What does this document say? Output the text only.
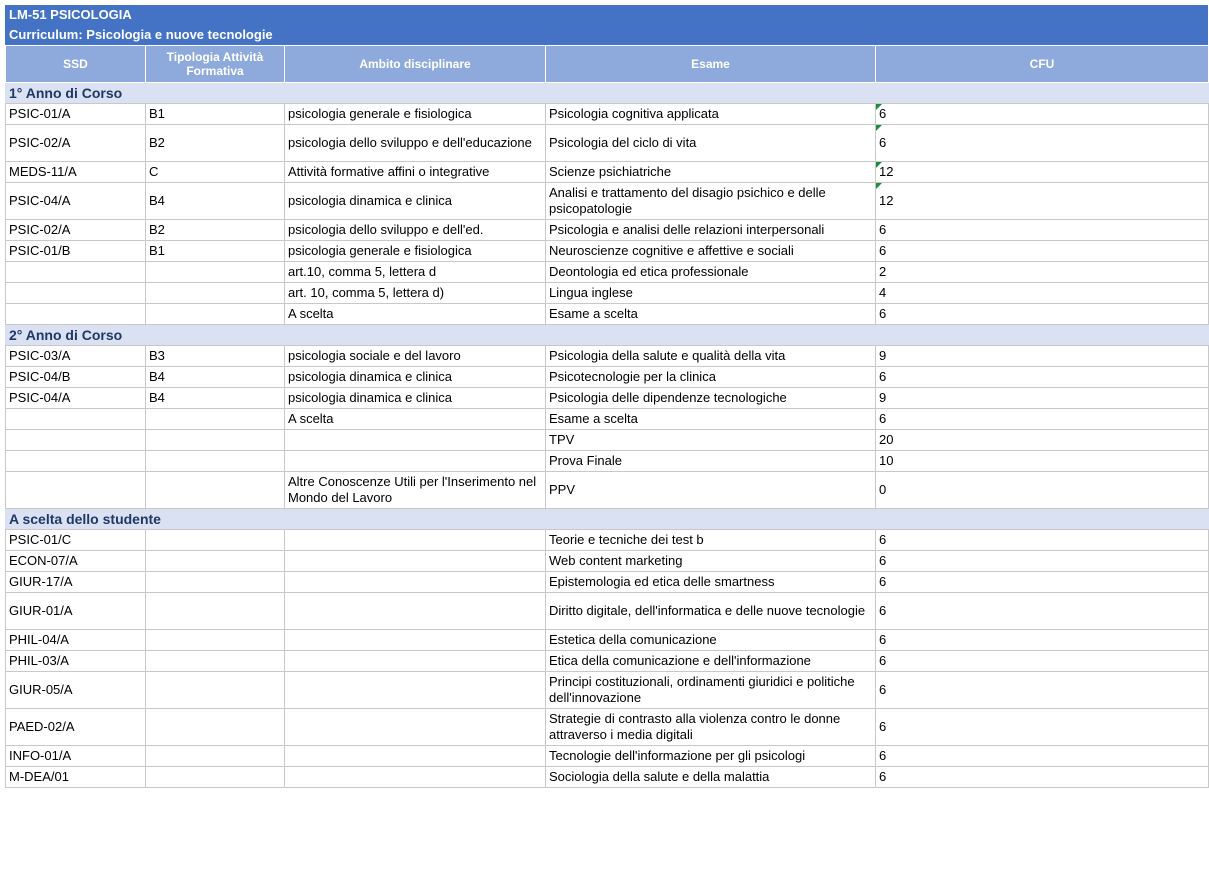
LM-51 PSICOLOGIA
Curriculum: Psicologia e nuove tecnologie
SSD	Tipologia Attività Formativa	Ambito disciplinare	Esame	CFU
1° Anno di Corso				
PSIC-01/A	B1	psicologia generale e fisiologica	Psicologia cognitiva applicata	6
PSIC-02/A	B2	psicologia dello sviluppo e dell'educazione	Psicologia del ciclo di vita	6
MEDS-11/A	C	Attività formative affini o integrative	Scienze psichiatriche	12
PSIC-04/A	B4	psicologia dinamica e clinica	Analisi e trattamento del disagio psichico e delle psicopatologie	12
PSIC-02/A	B2	psicologia dello sviluppo e dell'ed.	Psicologia e analisi delle relazioni interpersonali	6
PSIC-01/B	B1	psicologia generale e fisiologica	Neuroscienze cognitive e affettive e sociali	6
		art.10, comma 5, lettera d	Deontologia ed etica professionale	2
		art. 10, comma 5, lettera d)	Lingua inglese	4
		A scelta	Esame a scelta	6
2° Anno di Corso				
PSIC-03/A	B3	psicologia sociale e del lavoro	Psicologia della salute e qualità della vita	9
PSIC-04/B	B4	psicologia dinamica e clinica	Psicotecnologie per la clinica	6
PSIC-04/A	B4	psicologia dinamica e clinica	Psicologia delle dipendenze tecnologiche	9
		A scelta	Esame a scelta	6
			TPV	20
			Prova Finale	10
		Altre Conoscenze Utili per l'Inserimento nel Mondo del Lavoro	PPV	0
A scelta dello studente				
PSIC-01/C			Teorie e tecniche dei test b	6
ECON-07/A			Web content marketing	6
GIUR-17/A			Epistemologia ed etica delle smartness	6
GIUR-01/A			Diritto digitale, dell'informatica e delle nuove tecnologie	6
PHIL-04/A			Estetica della comunicazione	6
PHIL-03/A			Etica della comunicazione e dell'informazione	6
GIUR-05/A			Principi costituzionali, ordinamenti giuridici e politiche dell'innovazione	6
PAED-02/A			Strategie di contrasto alla violenza contro le donne attraverso i media digitali	6
INFO-01/A			Tecnologie dell'informazione per gli psicologi	6
M-DEA/01			Sociologia della salute e della malattia	6
